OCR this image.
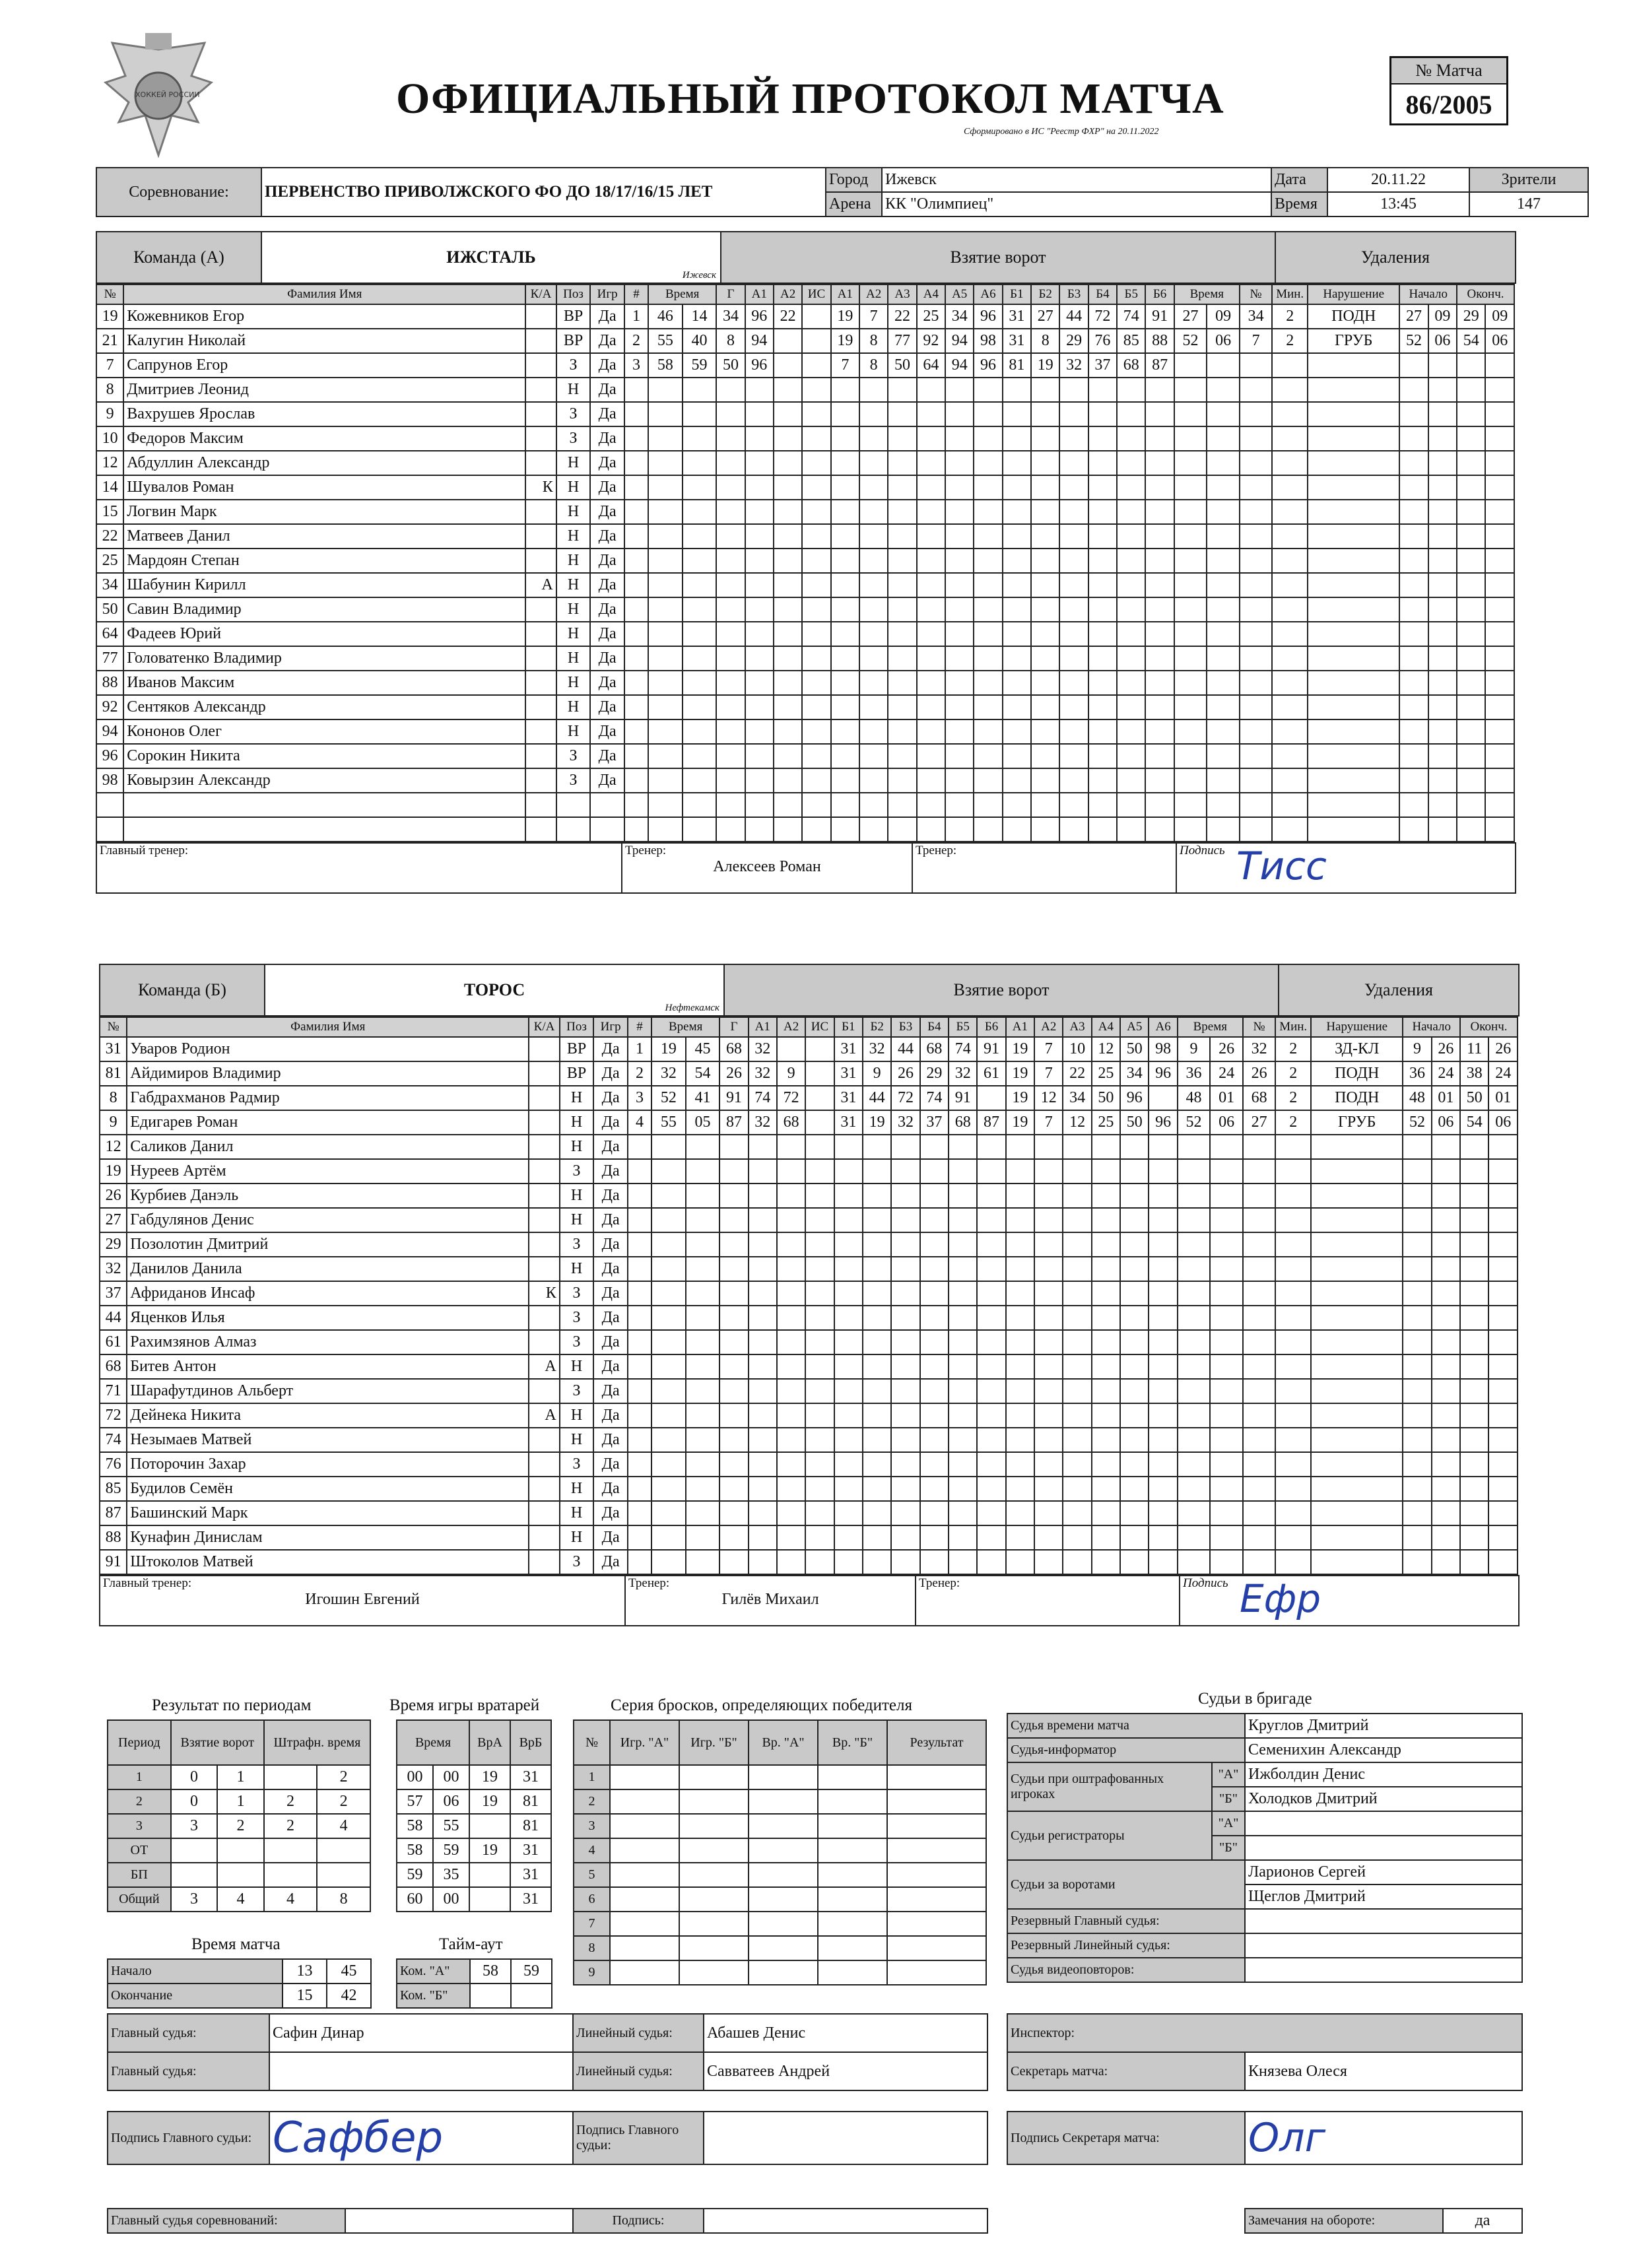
ХОККЕЙ РОССИИ	ОФИЦИАЛЬНЫЙ ПРОТОКОЛ МАТЧА
Сформировано в ИС "Реестр ФХР" на 20.11.2022
№ Матча
86/2005
Соревнование:	ПЕРВЕНСТВО ПРИВОЛЖСКОГО ФО ДО 18/17/16/15 ЛЕТ	Город	Ижевск	Дата	20.11.22	Зрители
		Арена	КК "Олимпиец"	Время	13:45	147
Команда (А)	ИЖСТАЛЬ
Ижевск
	Взятие ворот	Удаления
№	Фамилия Имя	К/А	Поз	Игр	#	Время		Г	А1	А2	ИС	А1	А2	А3	А4	А5	А6	Б1	Б2	Б3	Б4	Б5	Б6	Время		№	Мин.	Нарушение	Начало		Оконч.	
19	Кожевников Егор		ВР	Да	1	46	14	34	96	22		19	7	22	25	34	96	31	27	44	72	74	91	27	09	34	2	ПОДН	27	09	29	09
21	Калугин Николай		ВР	Да	2	55	40	8	94			19	8	77	92	94	98	31	8	29	76	85	88	52	06	7	2	ГРУБ	52	06	54	06
7	Сапрунов Егор		З	Да	3	58	59	50	96			7	8	50	64	94	96	81	19	32	37	68	87									
8	Дмитриев Леонид		Н	Да																												
9	Вахрушев Ярослав		З	Да																												
10	Федоров Максим		З	Да																												
12	Абдуллин Александр		Н	Да																												
14	Шувалов Роман	К	Н	Да																												
15	Логвин Марк		Н	Да																												
22	Матвеев Данил		Н	Да																												
25	Мардоян Степан		Н	Да																												
34	Шабунин Кирилл	А	Н	Да																												
50	Савин Владимир		Н	Да																												
64	Фадеев Юрий		Н	Да																												
77	Головатенко Владимир		Н	Да																												
88	Иванов Максим		Н	Да																												
92	Сентяков Александр		Н	Да																												
94	Кононов Олег		Н	Да																												
96	Сорокин Никита		З	Да																												
98	Ковырзин Александр		З	Да																												

Главный тренер:	Тренер:
Алексеев Роман

Тренер:	Подпись Тисс
Команда (Б)	ТОРОС
Нефтекамск
	Взятие ворот	Удаления
№	Фамилия Имя	К/А	Поз	Игр	#	Время		Г	А1	А2	ИС	Б1	Б2	Б3	Б4	Б5	Б6	А1	А2	А3	А4	А5	А6	Время		№	Мин.	Нарушение	Начало		Оконч.	
31	Уваров Родион		ВР	Да	1	19	45	68	32			31	32	44	68	74	91	19	7	10	12	50	98	9	26	32	2	ЗД-КЛ	9	26	11	26
81	Айдимиров Владимир		ВР	Да	2	32	54	26	32	9		31	9	26	29	32	61	19	7	22	25	34	96	36	24	26	2	ПОДН	36	24	38	24
8	Габдрахманов Радмир		Н	Да	3	52	41	91	74	72		31	44	72	74	91		19	12	34	50	96		48	01	68	2	ПОДН	48	01	50	01
9	Едигарев Роман		Н	Да	4	55	05	87	32	68		31	19	32	37	68	87	19	7	12	25	50	96	52	06	27	2	ГРУБ	52	06	54	06
12	Саликов Данил		Н	Да																												
19	Нуреев Артём		З	Да																												
26	Курбиев Данэль		Н	Да																												
27	Габдулянов Денис		Н	Да																												
29	Позолотин Дмитрий		З	Да																												
32	Данилов Данила		Н	Да																												
37	Африданов Инсаф	К	З	Да																												
44	Яценков Илья		З	Да																												
61	Рахимзянов Алмаз		З	Да																												
68	Битев Антон	А	Н	Да																												
71	Шарафутдинов Альберт		З	Да																												
72	Дейнека Никита	А	Н	Да																												
74	Незымаев Матвей		Н	Да																												
76	Поторочин Захар		З	Да																												
85	Будилов Семён		Н	Да																												
87	Башинский Марк		Н	Да																												
88	Кунафин Динислам		Н	Да																												
91	Штоколов Матвей		З	Да																												
Главный тренер:
Игошин Евгений

Тренер:
Гилёв Михаил

Тренер:	Подпись Ефр
Результат по периодам
Период	Взятие ворот		Штрафн. время	
1	0	1		2
2	0	1	2	2
3	3	2	2	4
ОТ				
БП				
Общий	3	4	4	8
Время игры вратарей
Время		ВрА	ВрБ
00	00	19	31
57	06	19	81
58	55		81
58	59	19	31
59	35		31
60	00		31
Время матча
Начало	13	45
Окончание	15	42
Тайм-аут
Ком. "А"	58	59
Ком. "Б"		
Серия бросков, определяющих победителя
№	Игр. "А"	Игр. "Б"	Вр. "А"	Вр. "Б"	Результат
1					
2					
3					
4					
5					
6					
7					
8					
9					
Судьи в бригаде
Судья времени матча		Круглов Дмитрий
Судья-информатор		Семенихин Александр
Судьи при оштрафованных игроках	"А"	Ижболдин Денис
	"Б"	Холодков Дмитрий
Судьи регистраторы	"А"	
	"Б"	
Судьи за воротами		Ларионов Сергей
		Щеглов Дмитрий
Резервный Главный судья:		
Резервный Линейный судья:		
Судья видеоповторов:		
Главный судья:	Сафин Динар	Линейный судья:	Абашев Денис
Главный судья:		Линейный судья:	Савватеев Андрей
Инспектор:
Секретарь матча:	Князева Олеся
Подпись Главного судьи:	Сафбер	Подпись Главного судьи:	
Подпись Секретаря матча:	Олг
Главный судья соревнований:		Подпись:		Замечания на обороте:	да
